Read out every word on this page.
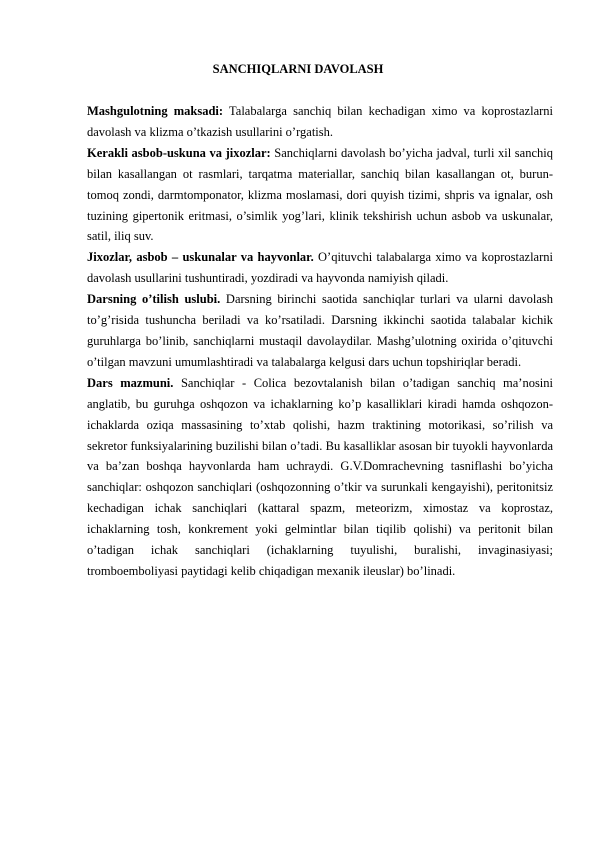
SANCHIQLARNI DAVOLASH

Mashgulotning maksadi: Talabalarga sanchiq bilan kechadigan ximo va koprostazlarni davolash va klizma o’tkazish usullarini o’rgatish.

Kerakli asbob-uskuna va jixozlar: Sanchiqlarni davolash bo’yicha jadval, turli xil sanchiq bilan kasallangan ot rasmlari, tarqatma materiallar, sanchiq bilan kasallangan ot, burun-tomoq zondi, darmtomponator, klizma moslamasi, dori quyish tizimi, shpris va ignalar, osh tuzining gipertonik eritmasi, o’simlik yog’lari, klinik tekshirish uchun asbob va uskunalar, satil, iliq suv.

Jixozlar, asbob – uskunalar va hayvonlar. O’qituvchi talabalarga ximo va koprostazlarni davolash usullarini tushuntiradi, yozdiradi va hayvonda namiyish qiladi.

Darsning o’tilish uslubi. Darsning birinchi saotida sanchiqlar turlari va ularni davolash to’g’risida tushuncha beriladi va ko’rsatiladi. Darsning ikkinchi saotida talabalar kichik guruhlarga bo’linib, sanchiqlarni mustaqil davolaydilar. Mashg’ulotning oxirida o’qituvchi o’tilgan mavzuni umumlashtiradi va talabalarga kelgusi dars uchun topshiriqlar beradi.

Dars mazmuni. Sanchiqlar - Colica bezovtalanish bilan o’tadigan sanchiq ma’nosini anglatib, bu guruhga oshqozon va ichaklarning ko’p kasalliklari kiradi hamda oshqozon-ichaklarda oziqa massasining to’xtab qolishi, hazm traktining motorikasi, so’rilish va sekretor funksiyalarining buzilishi bilan o’tadi. Bu kasalliklar asosan bir tuyokli hayvonlarda va ba’zan boshqa hayvonlarda ham uchraydi. G.V.Domrachevning tasniflashi bo’yicha sanchiqlar: oshqozon sanchiqlari (oshqozonning o’tkir va surunkali kengayishi), peritonitsiz kechadigan ichak sanchiqlari (kattaral spazm, meteorizm, ximostaz va koprostaz, ichaklarning tosh, konkrement yoki gelmintlar bilan tiqilib qolishi) va peritonit bilan o’tadigan ichak sanchiqlari (ichaklarning tuyulishi, buralishi, invaginasiyasi; tromboemboliyasi paytidagi kelib chiqadigan mexanik ileuslar) bo’linadi.
